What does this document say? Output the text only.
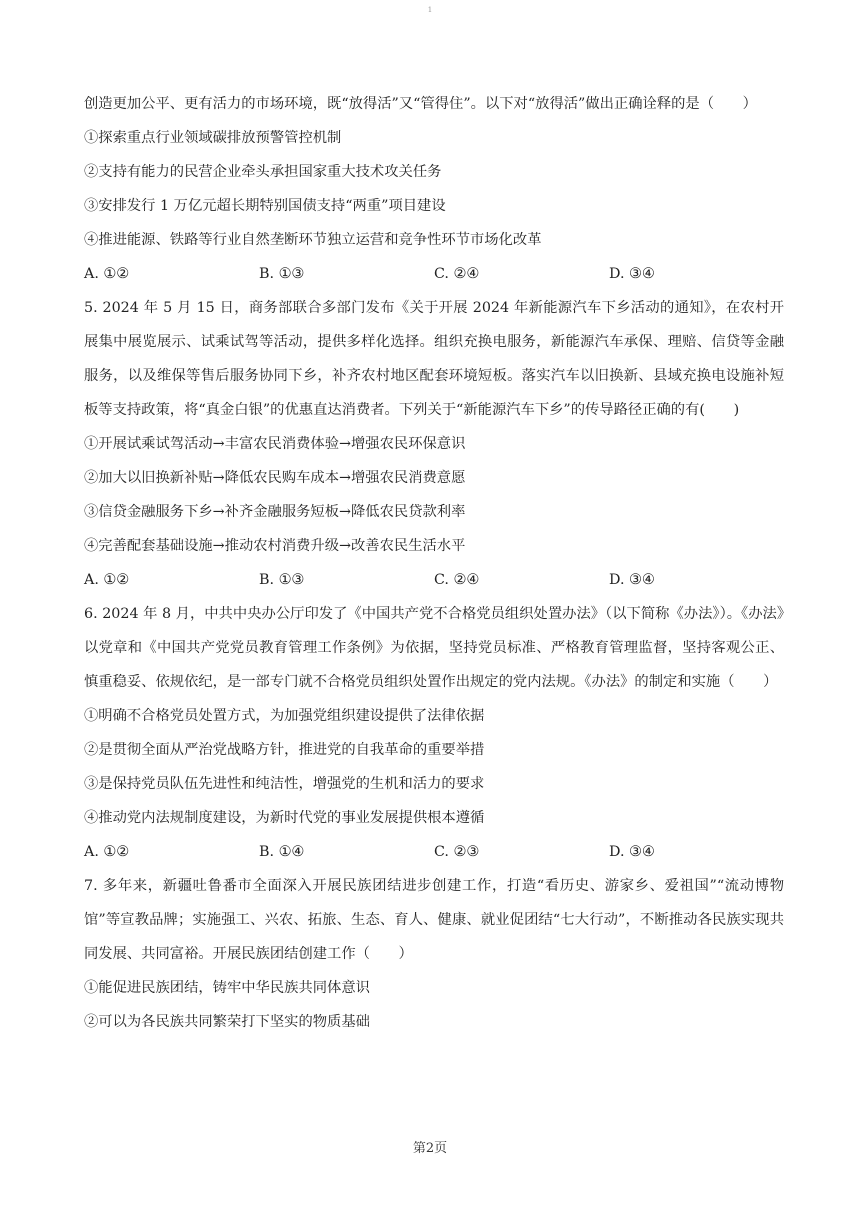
1
创造更加公平、更有活力的市场环境，既“放得活”又“管得住”。以下对“放得活”做出正确诠释的是（　　）
①探索重点行业领域碳排放预警管控机制
②支持有能力的民营企业牵头承担国家重大技术攻关任务
③安排发行 1 万亿元超长期特别国债支持“两重”项目建设
④推进能源、铁路等行业自然垄断环节独立运营和竞争性环节市场化改革
A. ①②	B. ①③	C. ②④	D. ③④
5. 2024 年 5 月 15 日，商务部联合多部门发布《关于开展 2024 年新能源汽车下乡活动的通知》，在农村开展集中展览展示、试乘试驾等活动，提供多样化选择。组织充换电服务，新能源汽车承保、理赔、信贷等金融服务，以及维保等售后服务协同下乡，补齐农村地区配套环境短板。落实汽车以旧换新、县域充换电设施补短板等支持政策，将“真金白银”的优惠直达消费者。下列关于“新能源汽车下乡”的传导路径正确的有(　　)
①开展试乘试驾活动→丰富农民消费体验→增强农民环保意识
②加大以旧换新补贴→降低农民购车成本→增强农民消费意愿
③信贷金融服务下乡→补齐金融服务短板→降低农民贷款利率
④完善配套基础设施→推动农村消费升级→改善农民生活水平
A. ①②	B. ①③	C. ②④	D. ③④
6. 2024 年 8 月，中共中央办公厅印发了《中国共产党不合格党员组织处置办法》（以下简称《办法》）。《办法》以党章和《中国共产党党员教育管理工作条例》为依据，坚持党员标准、严格教育管理监督，坚持客观公正、慎重稳妥、依规依纪，是一部专门就不合格党员组织处置作出规定的党内法规。《办法》的制定和实施（　　）
①明确不合格党员处置方式，为加强党组织建设提供了法律依据
②是贯彻全面从严治党战略方针，推进党的自我革命的重要举措
③是保持党员队伍先进性和纯洁性，增强党的生机和活力的要求
④推动党内法规制度建设，为新时代党的事业发展提供根本遵循
A. ①②	B. ①④	C. ②③	D. ③④
7. 多年来，新疆吐鲁番市全面深入开展民族团结进步创建工作，打造“看历史、游家乡、爱祖国”“流动博物馆”等宣教品牌；实施强工、兴农、拓旅、生态、育人、健康、就业促团结“七大行动”，不断推动各民族实现共同发展、共同富裕。开展民族团结创建工作（　　）
①能促进民族团结，铸牢中华民族共同体意识
②可以为各民族共同繁荣打下坚实的物质基础
第2页
